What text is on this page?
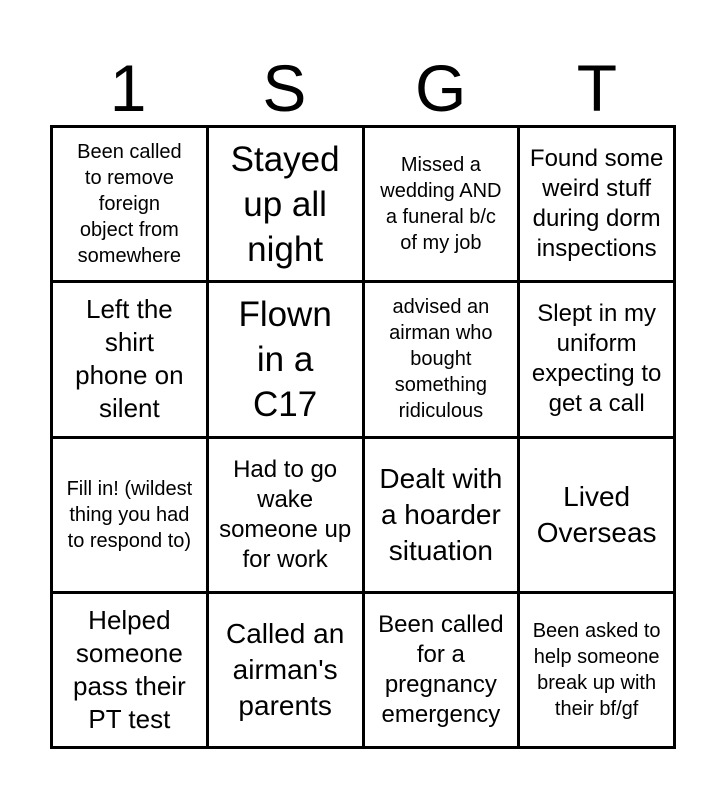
1	S	G	T
Been called to remove foreign object from somewhere
Stayed up all night
Missed a wedding AND a funeral b/c of my job
Found some weird stuff during dorm inspections
Left the shirt phone on silent
Flown in a C17
advised an airman who bought something ridiculous
Slept in my uniform expecting to get a call
Fill in! (wildest thing you had to respond to)
Had to go wake someone up for work
Dealt with a hoarder situation
Lived Overseas
Helped someone pass their PT test
Called an airman's parents
Been called for a pregnancy emergency
Been asked to help someone break up with their bf/gf
